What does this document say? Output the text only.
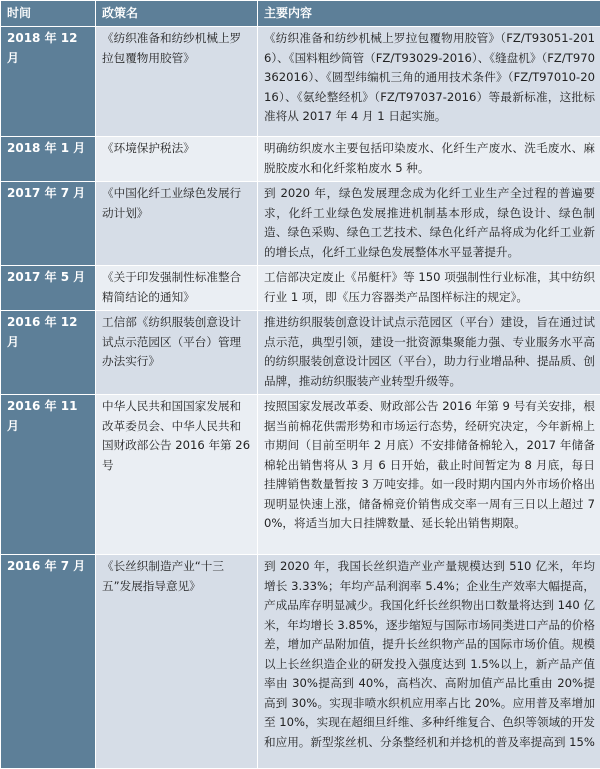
时间	政策名	主要内容
2018 年 12 月	《纺织准备和纺纱机械上罗拉包覆物用胶管》	《纺织准备和纺纱机械上罗拉包覆物用胶管》（FZ/T93051-2016）、《国料粗纱筒管（FZ/T93029-2016）、《缝盘机》（FZ/T970362016）、《圆型纬编机三角的通用技术条件》（FZ/T97010-2016）、《氨纶整经机》（FZ/T97037-2016）等最新标准，这批标准将从 2017 年 4 月 1 日起实施。
2018 年 1 月	《环境保护税法》	明确纺织废水主要包括印染废水、化纤生产废水、洗毛废水、麻脱胶废水和化纤浆粕废水 5 种。
2017 年 7 月	《中国化纤工业绿色发展行动计划》	到 2020 年，绿色发展理念成为化纤工业生产全过程的普遍要求，化纤工业绿色发展推进机制基本形成，绿色设计、绿色制造、绿色采购、绿色工艺技术、绿色化纤产品将成为化纤工业新的增长点，化纤工业绿色发展整体水平显著提升。
2017 年 5 月	《关于印发强制性标准整合精简结论的通知》	工信部决定废止《吊艇杆》等 150 项强制性行业标准，其中纺织行业 1 项，即《压力容器类产品图样标注的规定》。
2016 年 12 月	工信部《纺织服装创意设计试点示范园区（平台）管理办法实行》	推进纺织服装创意设计试点示范园区（平台）建设，旨在通过试点示范，典型引领，建设一批资源集聚能力强、专业服务水平高的纺织服装创意设计园区（平台），助力行业增品种、提品质、创品牌，推动纺织服装产业转型升级等。
2016 年 11 月	中华人民共和国国家发展和改革委员会、中华人民共和国财政部公告 2016 年第 26 号	按照国家发展改革委、财政部公告 2016 年第 9 号有关安排，根据当前棉花供需形势和市场运行态势，经研究决定，今年新棉上市期间（目前至明年 2 月底）不安排储备棉轮入，2017 年储备棉轮出销售将从 3 月 6 日开始，截止时间暂定为 8 月底，每日挂牌销售数量暂按 3 万吨安排。如一段时期内国内外市场价格出现明显快速上涨，储备棉竞价销售成交率一周有三日以上超过 70%，将适当加大日挂牌数量、延长轮出销售期限。
2016 年 7 月	《长丝织制造产业“十三五”发展指导意见》	到 2020 年，我国长丝织造产业产量规模达到 510 亿米，年均增长 3.33%；年均产品利润率 5.4%；企业生产效率大幅提高，产成品库存明显减少。我国化纤长丝织物出口数量将达到 140 亿米，年均增长 3.85%，逐步缩短与国际市场同类进口产品的价格差，增加产品附加值，提升长丝织物产品的国际市场价值。规模以上长丝织造企业的研发投入强度达到 1.5%以上，新产品产值率由 30%提高到 40%，高档次、高附加值产品比重由 20%提高到 30%。实现非喷水织机应用率占比 20%。应用普及率增加至 10%，实现在超细旦纤维、多种纤维复合、色织等领域的开发和应用。新型浆丝机、分条整经机和并捻机的普及率提高到 15%
